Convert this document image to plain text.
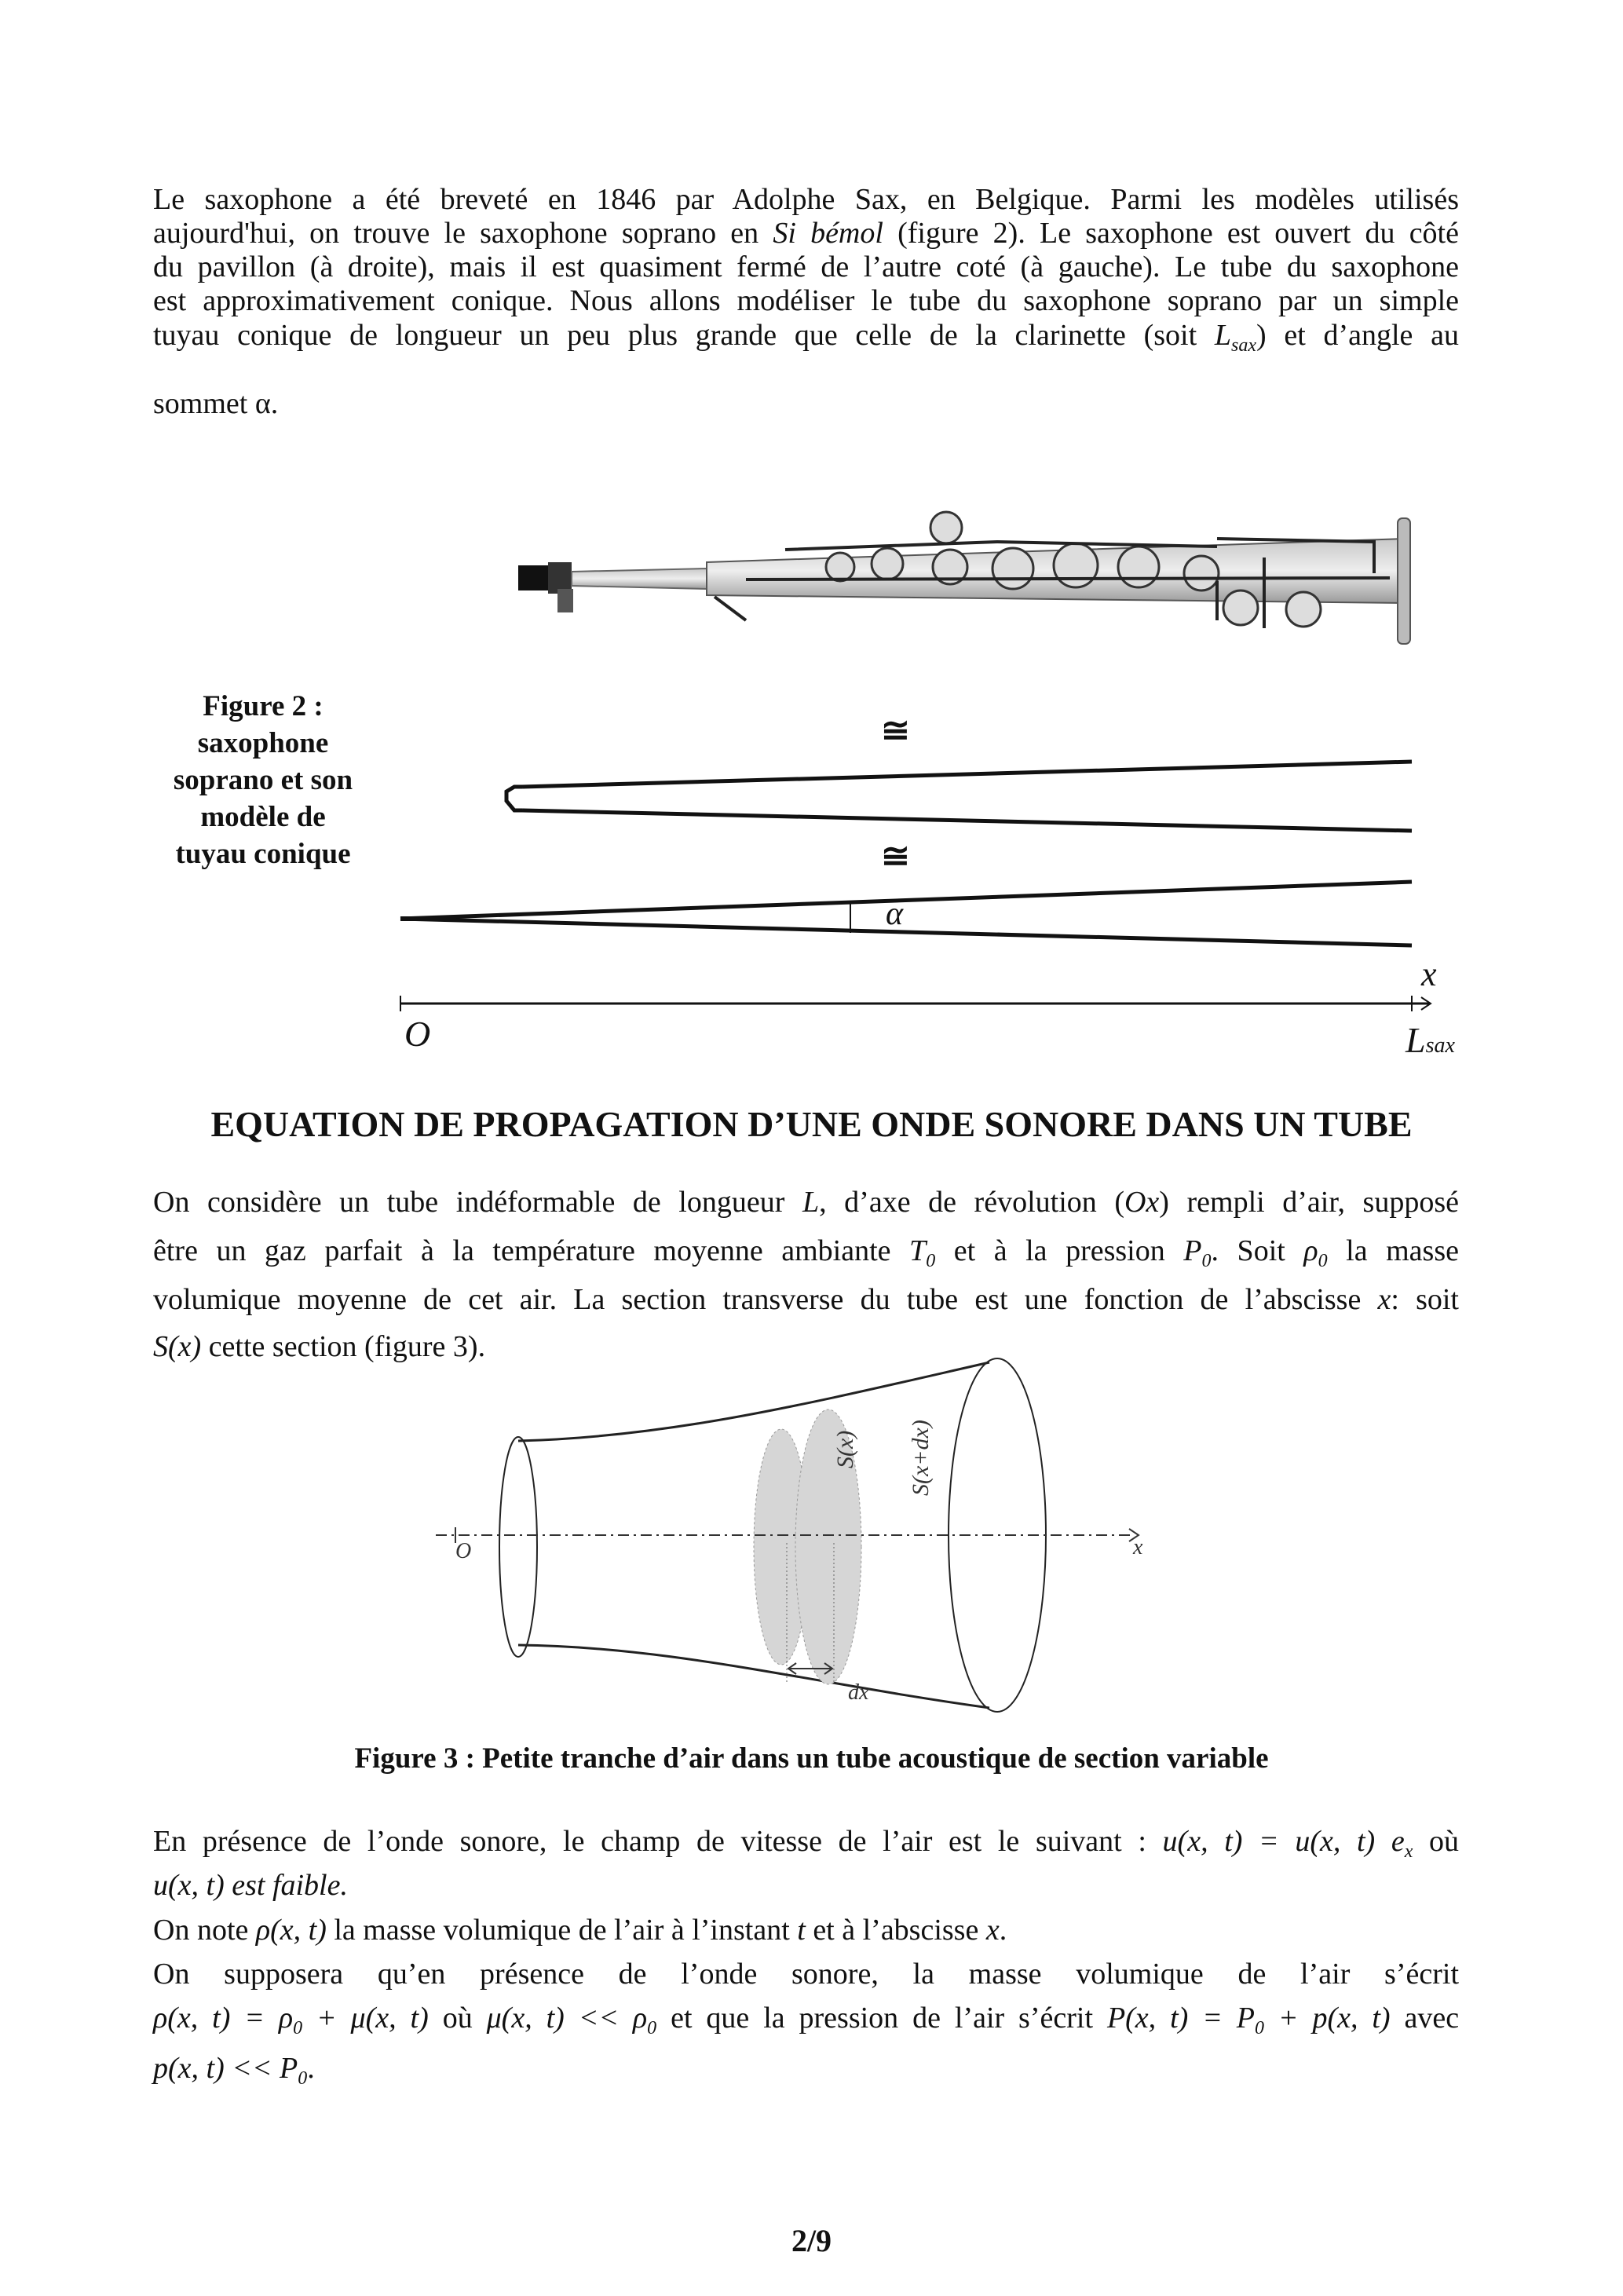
Le saxophone a été breveté en 1846 par Adolphe Sax, en Belgique. Parmi les modèles utilisés
aujourd'hui, on trouve le saxophone soprano en Si bémol (figure 2). Le saxophone est ouvert du côté
du pavillon (à droite), mais il est quasiment fermé de l’autre coté (à gauche). Le tube du saxophone
est approximativement conique. Nous allons modéliser le tube du saxophone soprano par un simple
tuyau conique de longueur un peu plus grande que celle de la clarinette (soit $L_{sax}$) et d’angle au
sommet α.
Figure 2 :
saxophone
soprano et son
modèle de
tuyau conique
≅
≅
α
x
O	Lsax
EQUATION DE PROPAGATION D’UNE ONDE SONORE DANS UN TUBE
On considère un tube indéformable de longueur L, d’axe de révolution (Ox) rempli d’air, supposé
être un gaz parfait à la température moyenne ambiante $T_0$ et à la pression $P_0$. Soit $\rho_0$ la masse
volumique moyenne de cet air. La section transverse du tube est une fonction de l’abscisse x: soit
S(x) cette section (figure 3).
O	x
dx
S(x) S(x+dx)
Figure 3 : Petite tranche d’air dans un tube acoustique de section variable
En présence de l’onde sonore, le champ de vitesse de l’air est le suivant : u(x, t) = u(x, t) $e_x$ où
u(x, t) est faible.
On note ρ(x, t) la masse volumique de l’air à l’instant t et à l’abscisse x.
On supposera qu’en présence de l’onde sonore, la masse volumique de l’air s’écrit
ρ(x, $t) = \rho_0 + \mu(x$, t) où μ(x, $t) << \rho_0$ et que la pression de l’air s’écrit P(x, $t) = P_0 + p(x$, t) avec
p(x, $t) << P_0$.
2/9
